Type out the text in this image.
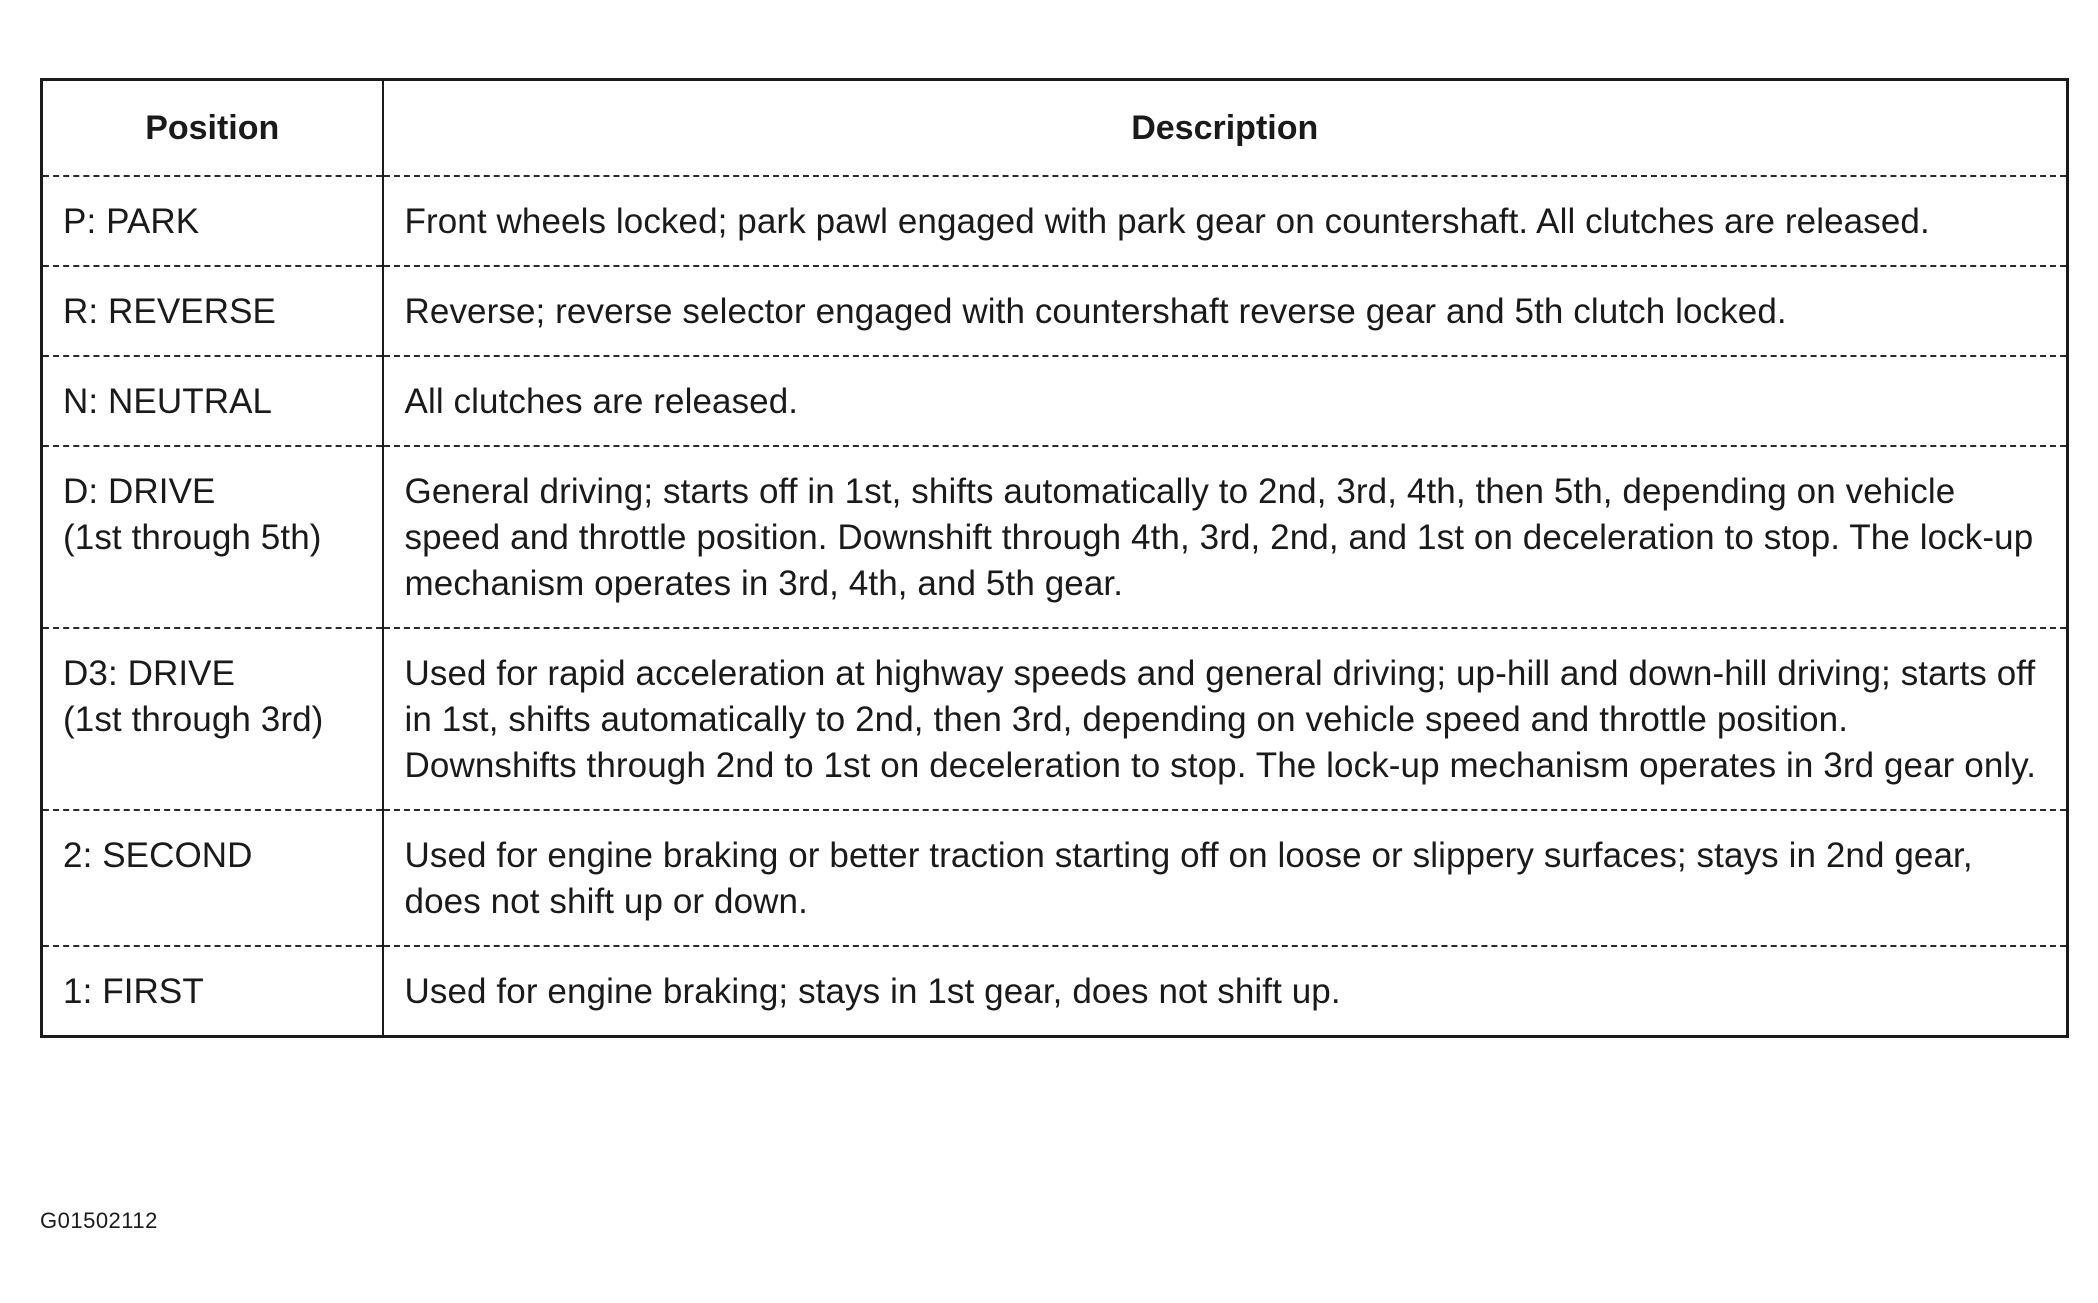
Position	Description

P: PARK	Front wheels locked; park pawl engaged with park gear on countershaft. All clutches are released.

R: REVERSE	Reverse; reverse selector engaged with countershaft reverse gear and 5th clutch locked.

N: NEUTRAL	All clutches are released.

D: DRIVE
(1st through 5th)	General driving; starts off in 1st, shifts automatically to 2nd, 3rd, 4th, then 5th, depending on vehicle speed and throttle position. Downshift through 4th, 3rd, 2nd, and 1st on deceleration to stop. The lock-up mechanism operates in 3rd, 4th, and 5th gear.

D3: DRIVE
(1st through 3rd)	Used for rapid acceleration at highway speeds and general driving; up-hill and down-hill driving; starts off in 1st, shifts automatically to 2nd, then 3rd, depending on vehicle speed and throttle position.
Downshifts through 2nd to 1st on deceleration to stop. The lock-up mechanism operates in 3rd gear only.

2: SECOND	Used for engine braking or better traction starting off on loose or slippery surfaces; stays in 2nd gear, does not shift up or down.

1: FIRST	Used for engine braking; stays in 1st gear, does not shift up.
G01502112
